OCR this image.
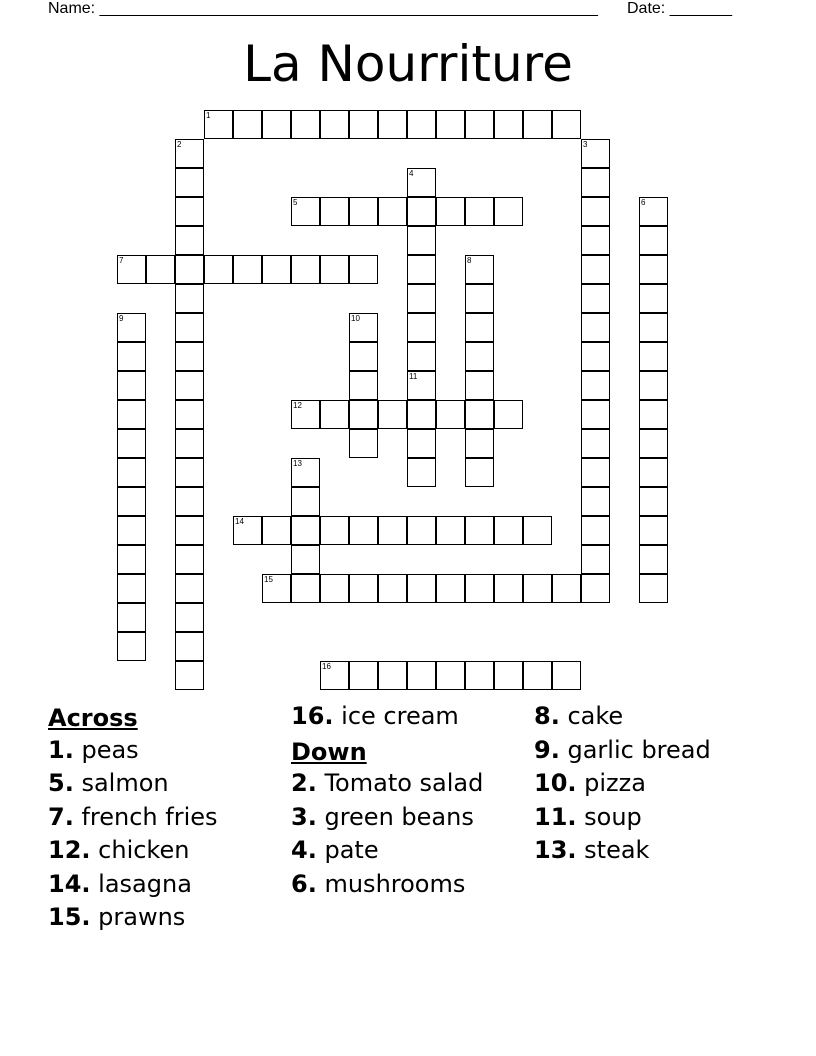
Name: ________________________________________________________ Date: _______
La Nourriture
1
2	3
4
5	6
7	8
9	10
11
12
13
14
15
16
Across
1. peas
5. salmon
7. french fries
12. chicken
14. lasagna
15. prawns
16. ice cream
Down
2. Tomato salad
3. green beans
4. pate
6. mushrooms
8. cake
9. garlic bread
10. pizza
11. soup
13. steak
